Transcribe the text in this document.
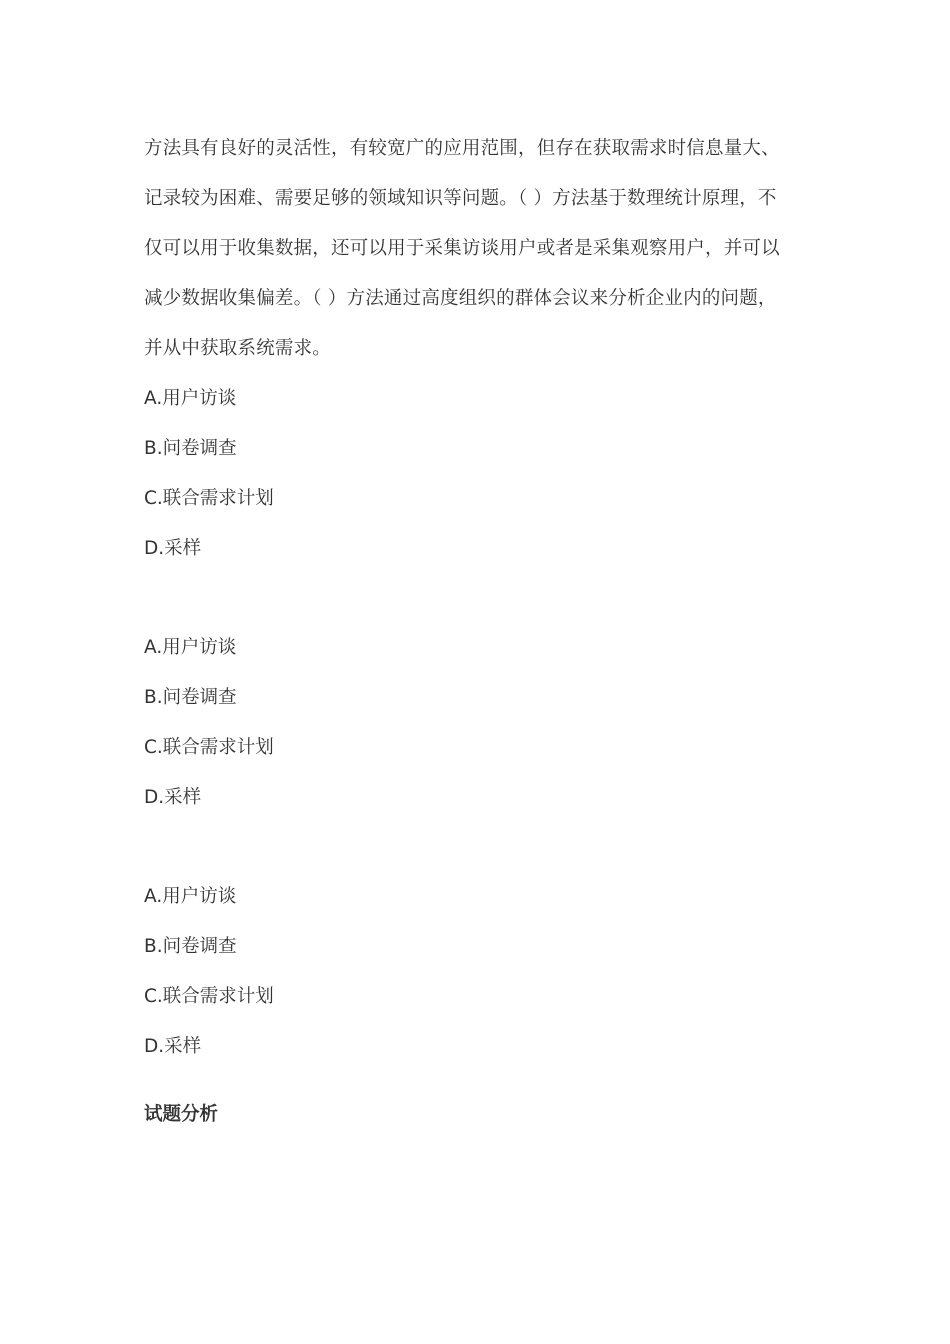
方法具有良好的灵活性，有较宽广的应用范围，但存在获取需求时信息量大、
记录较为困难、需要足够的领域知识等问题。（ ）方法基于数理统计原理，不
仅可以用于收集数据，还可以用于采集访谈用户或者是采集观察用户，并可以
减少数据收集偏差。（ ）方法通过高度组织的群体会议来分析企业内的问题，
并从中获取系统需求。
A.用户访谈
B.问卷调查
C.联合需求计划
D.采样
A.用户访谈
B.问卷调查
C.联合需求计划
D.采样
A.用户访谈
B.问卷调查
C.联合需求计划
D.采样
试题分析
